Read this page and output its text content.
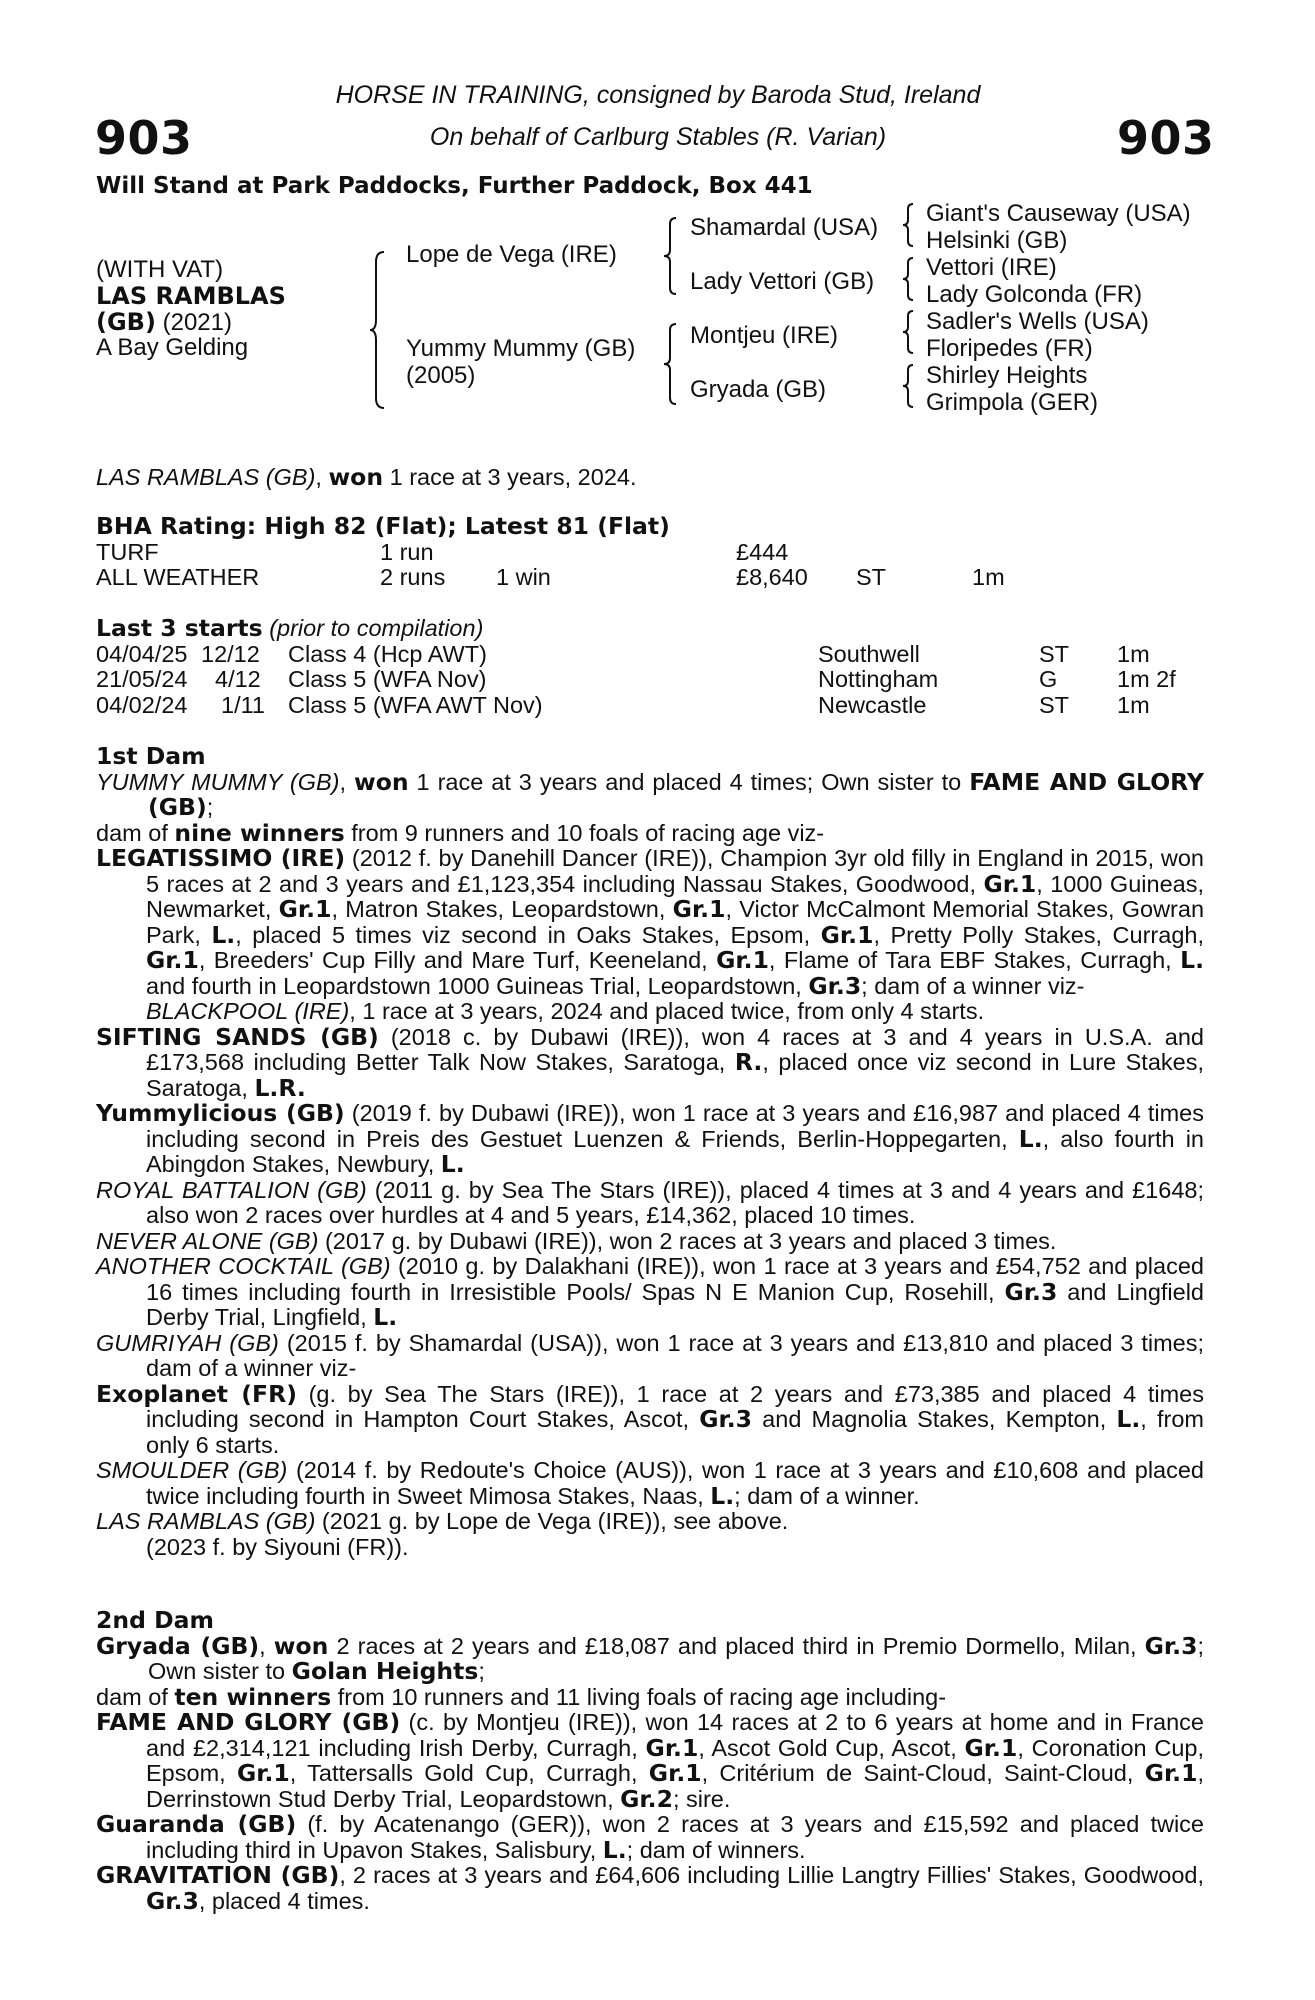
903	903
HORSE IN TRAINING, consigned by Baroda Stud, Ireland
On behalf of Carlburg Stables (R. Varian)
Will Stand at Park Paddocks, Further Paddock, Box 441
(WITH VAT)
LAS RAMBLAS
(GB) (2021)
A Bay Gelding
Lope de Vega (IRE)
Yummy Mummy (GB)
(2005)
Shamardal (USA)
Lady Vettori (GB)
Montjeu (IRE)
Gryada (GB)
Giant's Causeway (USA)
Helsinki (GB)
Vettori (IRE)
Lady Golconda (FR)
Sadler's Wells (USA)
Floripedes (FR)
Shirley Heights
Grimpola (GER)
LAS RAMBLAS (GB), won 1 race at 3 years, 2024.

BHA Rating: High 82 (Flat); Latest 81 (Flat)

TURF	1 run	£444
ALL WEATHER	2 runs 1 win	£8,640 ST	1m

Last 3 starts (prior to compilation)

04/04/25 12/12 Class 4 (Hcp AWT)	Southwell	ST 1m
21/05/24 4/12 Class 5 (WFA Nov)	Nottingham	G	1m 2f
04/02/24 1/11 Class 5 (WFA AWT Nov)	Newcastle	ST 1m

1st Dam

YUMMY MUMMY (GB), won 1 race at 3 years and placed 4 times; Own sister to FAME AND GLORY (GB);

dam of nine winners from 9 runners and 10 foals of racing age viz-

LEGATISSIMO (IRE) (2012 f. by Danehill Dancer (IRE)), Champion 3yr old filly in England in 2015, won 5 races at 2 and 3 years and £1,123,354 including Nassau Stakes, Goodwood, Gr.1, 1000 Guineas, Newmarket, Gr.1, Matron Stakes, Leopardstown, Gr.1, Victor McCalmont Memorial Stakes, Gowran Park, L., placed 5 times viz second in Oaks Stakes, Epsom, Gr.1, Pretty Polly Stakes, Curragh, Gr.1, Breeders' Cup Filly and Mare Turf, Keeneland, Gr.1, Flame of Tara EBF Stakes, Curragh, L. and fourth in Leopardstown 1000 Guineas Trial, Leopardstown, Gr.3; dam of a winner viz-

BLACKPOOL (IRE), 1 race at 3 years, 2024 and placed twice, from only 4 starts.

SIFTING SANDS (GB) (2018 c. by Dubawi (IRE)), won 4 races at 3 and 4 years in U.S.A. and £173,568 including Better Talk Now Stakes, Saratoga, R., placed once viz second in Lure Stakes, Saratoga, L.R.

Yummylicious (GB) (2019 f. by Dubawi (IRE)), won 1 race at 3 years and £16,987 and placed 4 times including second in Preis des Gestuet Luenzen & Friends, Berlin-Hoppegarten, L., also fourth in Abingdon Stakes, Newbury, L.

ROYAL BATTALION (GB) (2011 g. by Sea The Stars (IRE)), placed 4 times at 3 and 4 years and £1648; also won 2 races over hurdles at 4 and 5 years, £14,362, placed 10 times.

NEVER ALONE (GB) (2017 g. by Dubawi (IRE)), won 2 races at 3 years and placed 3 times.

ANOTHER COCKTAIL (GB) (2010 g. by Dalakhani (IRE)), won 1 race at 3 years and £54,752 and placed 16 times including fourth in Irresistible Pools/ Spas N E Manion Cup, Rosehill, Gr.3 and Lingfield Derby Trial, Lingfield, L.

GUMRIYAH (GB) (2015 f. by Shamardal (USA)), won 1 race at 3 years and £13,810 and placed 3 times; dam of a winner viz-

Exoplanet (FR) (g. by Sea The Stars (IRE)), 1 race at 2 years and £73,385 and placed 4 times including second in Hampton Court Stakes, Ascot, Gr.3 and Magnolia Stakes, Kempton, L., from only 6 starts.

SMOULDER (GB) (2014 f. by Redoute's Choice (AUS)), won 1 race at 3 years and £10,608 and placed twice including fourth in Sweet Mimosa Stakes, Naas, L.; dam of a winner.

LAS RAMBLAS (GB) (2021 g. by Lope de Vega (IRE)), see above.

(2023 f. by Siyouni (FR)).

2nd Dam

Gryada (GB), won 2 races at 2 years and £18,087 and placed third in Premio Dormello, Milan, Gr.3; Own sister to Golan Heights;

dam of ten winners from 10 runners and 11 living foals of racing age including-

FAME AND GLORY (GB) (c. by Montjeu (IRE)), won 14 races at 2 to 6 years at home and in France and £2,314,121 including Irish Derby, Curragh, Gr.1, Ascot Gold Cup, Ascot, Gr.1, Coronation Cup, Epsom, Gr.1, Tattersalls Gold Cup, Curragh, Gr.1, Critérium de Saint-Cloud, Saint-Cloud, Gr.1, Derrinstown Stud Derby Trial, Leopardstown, Gr.2; sire.

Guaranda (GB) (f. by Acatenango (GER)), won 2 races at 3 years and £15,592 and placed twice including third in Upavon Stakes, Salisbury, L.; dam of winners.

GRAVITATION (GB), 2 races at 3 years and £64,606 including Lillie Langtry Fillies' Stakes, Goodwood, Gr.3, placed 4 times.
